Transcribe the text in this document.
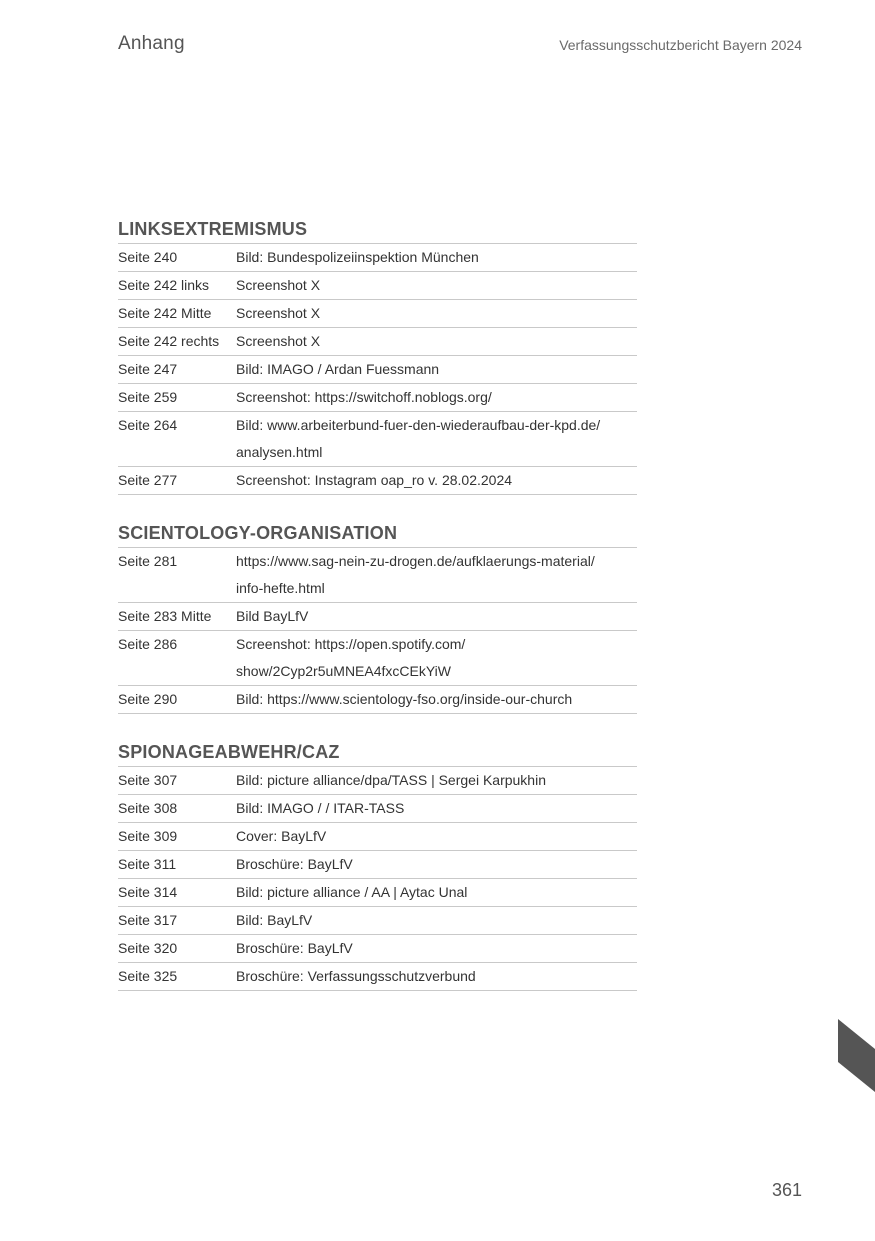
Anhang	Verfassungsschutzbericht Bayern 2024
LINKSEXTREMISMUS
Seite 240	Bild: Bundespolizeiinspektion München
Seite 242 links	Screenshot X
Seite 242 Mitte	Screenshot X
Seite 242 rechts	Screenshot X
Seite 247	Bild: IMAGO / Ardan Fuessmann
Seite 259	Screenshot: https://switchoff.noblogs.org/
Seite 264	Bild: www.arbeiterbund-fuer-den-wiederaufbau-der-kpd.de/
analysen.html
Seite 277	Screenshot: Instagram oap_ro v. 28.02.2024
SCIENTOLOGY-ORGANISATION
Seite 281	https://www.sag-nein-zu-drogen.de/aufklaerungs-material/
info-hefte.html
Seite 283 Mitte	Bild BayLfV
Seite 286	Screenshot: https://open.spotify.com/
show/2Cyp2r5uMNEA4fxcCEkYiW
Seite 290	Bild: https://www.scientology-fso.org/inside-our-church
SPIONAGEABWEHR/CAZ
Seite 307	Bild: picture alliance/dpa/TASS | Sergei Karpukhin
Seite 308	Bild: IMAGO / / ITAR-TASS
Seite 309	Cover: BayLfV
Seite 311	Broschüre: BayLfV
Seite 314	Bild: picture alliance / AA | Aytac Unal
Seite 317	Bild: BayLfV
Seite 320	Broschüre: BayLfV
Seite 325	Broschüre: Verfassungsschutzverbund
361
